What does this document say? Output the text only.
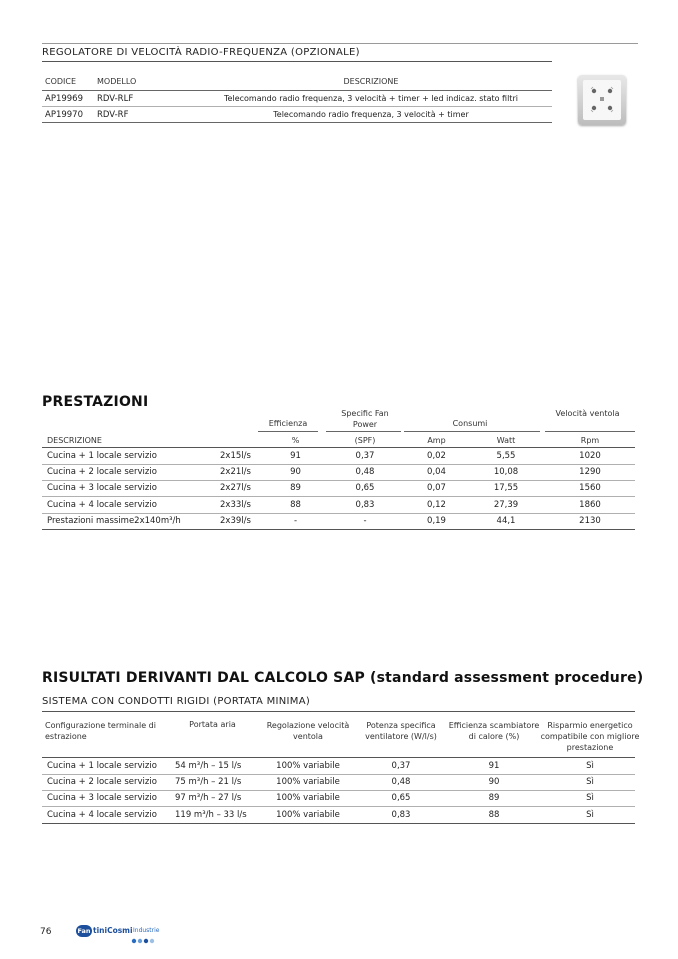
REGOLATORE DI VELOCITÀ RADIO-FREQUENZA (OPZIONALE)
CODICE	MODELLO	DESCRIZIONE
AP19969 RDV-RLF	Telecomando radio frequenza, 3 velocità + timer + led indicaz. stato filtri
AP19970 RDV-RF	Telecomando radio frequenza, 3 velocità + timer
PRESTAZIONI
Efficienza
Specific Fan Power	Consumi
Velocità ventola
DESCRIZIONE	%	(SPF)	Amp	Watt	Rpm
Cucina + 1 locale servizio	2x15l/s	91	0,37	0,02	5,55	1020
Cucina + 2 locale servizio	2x21l/s	90	0,48	0,04	10,08	1290
Cucina + 3 locale servizio	2x27l/s	89	0,65	0,07	17,55	1560
Cucina + 4 locale servizio	2x33l/s	88	0,83	0,12	27,39	1860
Prestazioni massime2x140m³/h	2x39l/s	-	-	0,19	44,1	2130
RISULTATI DERIVANTI DAL CALCOLO SAP (standard assessment procedure)
SISTEMA CON CONDOTTI RIGIDI (PORTATA MINIMA)
Configurazione terminale di estrazione
Portata aria	Regolazione velocità ventola
Potenza specifica ventilatore (W/l/s)
Efficienza scambiatore di calore (%)
Risparmio energetico compatibile con migliore prestazione
Cucina + 1 locale servizio	54 m³/h – 15 l/s	100% variabile	0,37	91	Sì
Cucina + 2 locale servizio	75 m³/h – 21 l/s	100% variabile	0,48	90	Sì
Cucina + 3 locale servizio	97 m³/h – 27 l/s	100% variabile	0,65	89	Sì
Cucina + 4 locale servizio	119 m³/h – 33 l/s	100% variabile	0,83	88	Sì
76	Fan tiniCosmi Industrie
